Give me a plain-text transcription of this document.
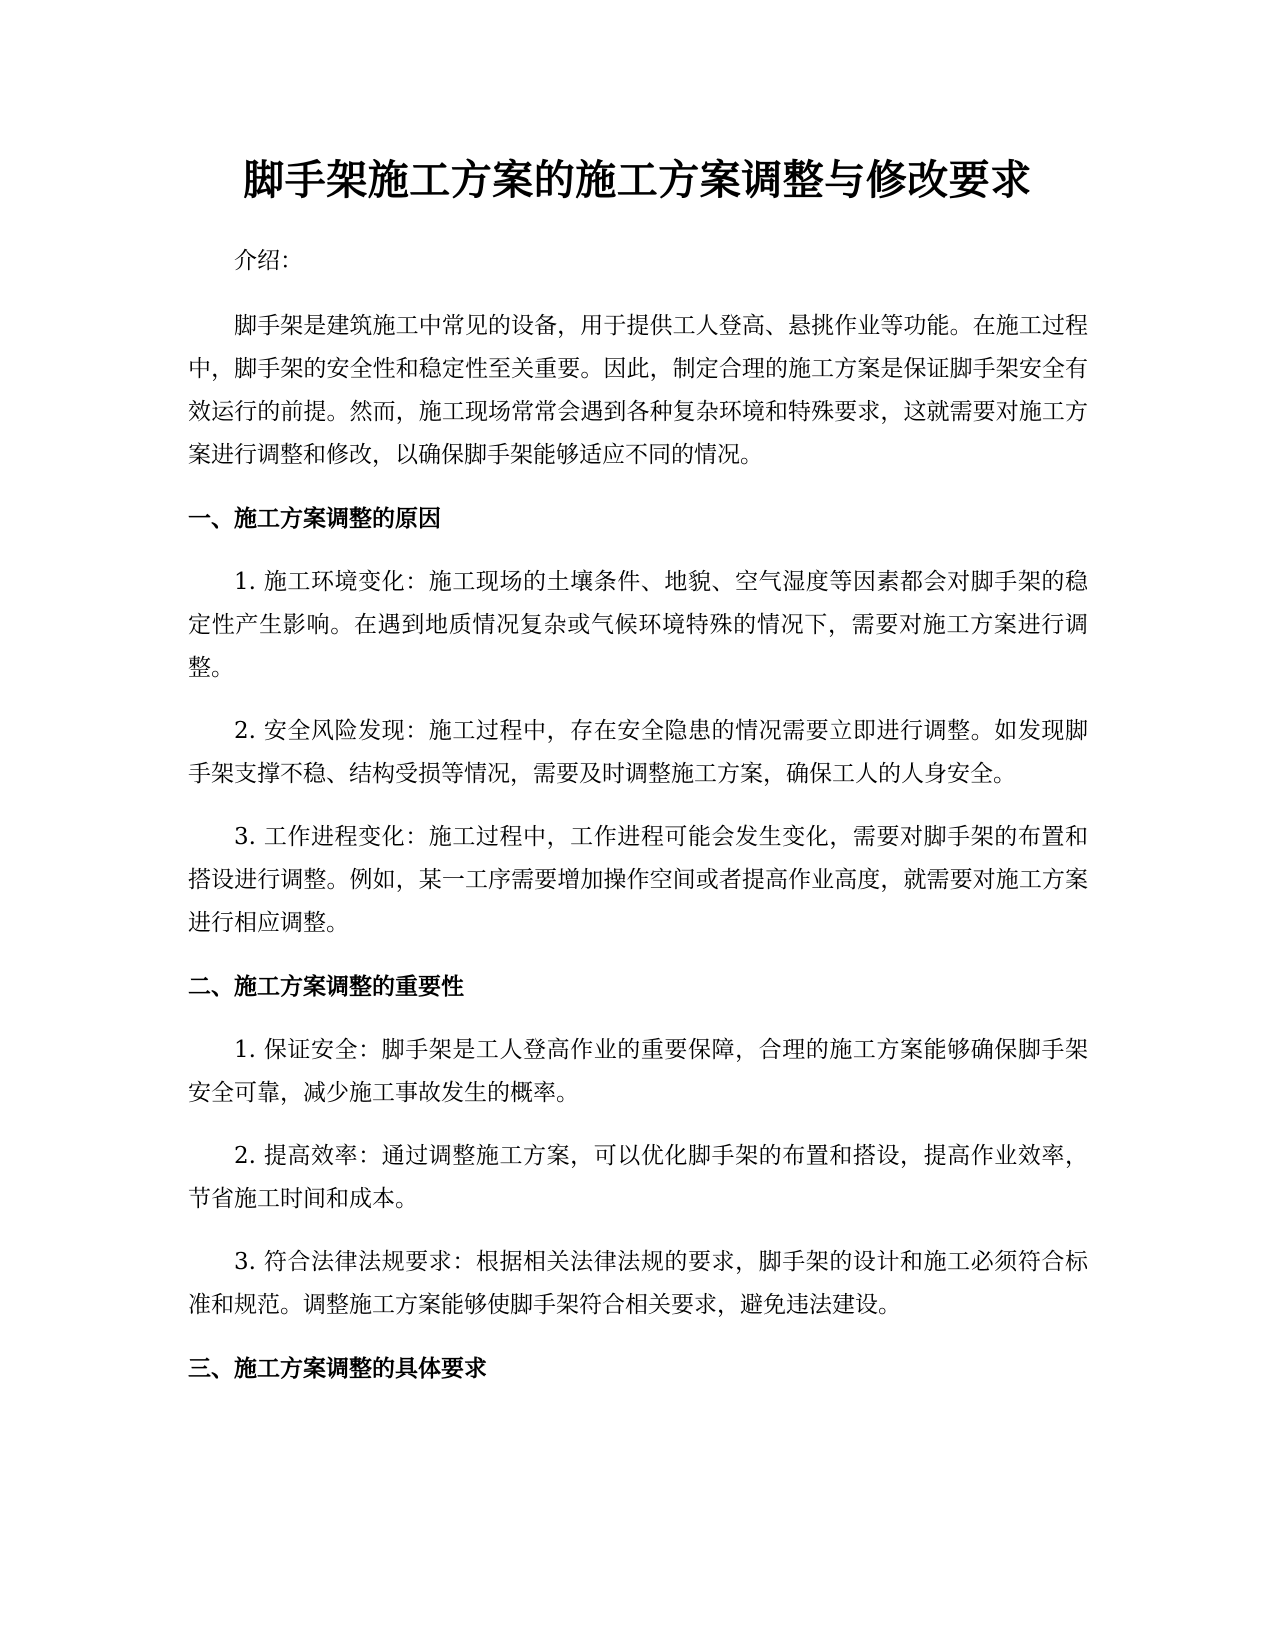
脚手架施工方案的施工方案调整与修改要求

介绍：

脚手架是建筑施工中常见的设备，用于提供工人登高、悬挑作业等功能。在施工过程中，脚手架的安全性和稳定性至关重要。因此，制定合理的施工方案是保证脚手架安全有效运行的前提。然而，施工现场常常会遇到各种复杂环境和特殊要求，这就需要对施工方案进行调整和修改，以确保脚手架能够适应不同的情况。

一、施工方案调整的原因

1. 施工环境变化：施工现场的土壤条件、地貌、空气湿度等因素都会对脚手架的稳定性产生影响。在遇到地质情况复杂或气候环境特殊的情况下，需要对施工方案进行调整。

2. 安全风险发现：施工过程中，存在安全隐患的情况需要立即进行调整。如发现脚手架支撑不稳、结构受损等情况，需要及时调整施工方案，确保工人的人身安全。

3. 工作进程变化：施工过程中，工作进程可能会发生变化，需要对脚手架的布置和搭设进行调整。例如，某一工序需要增加操作空间或者提高作业高度，就需要对施工方案进行相应调整。

二、施工方案调整的重要性

1. 保证安全：脚手架是工人登高作业的重要保障，合理的施工方案能够确保脚手架安全可靠，减少施工事故发生的概率。

2. 提高效率：通过调整施工方案，可以优化脚手架的布置和搭设，提高作业效率，节省施工时间和成本。

3. 符合法律法规要求：根据相关法律法规的要求，脚手架的设计和施工必须符合标准和规范。调整施工方案能够使脚手架符合相关要求，避免违法建设。

三、施工方案调整的具体要求
